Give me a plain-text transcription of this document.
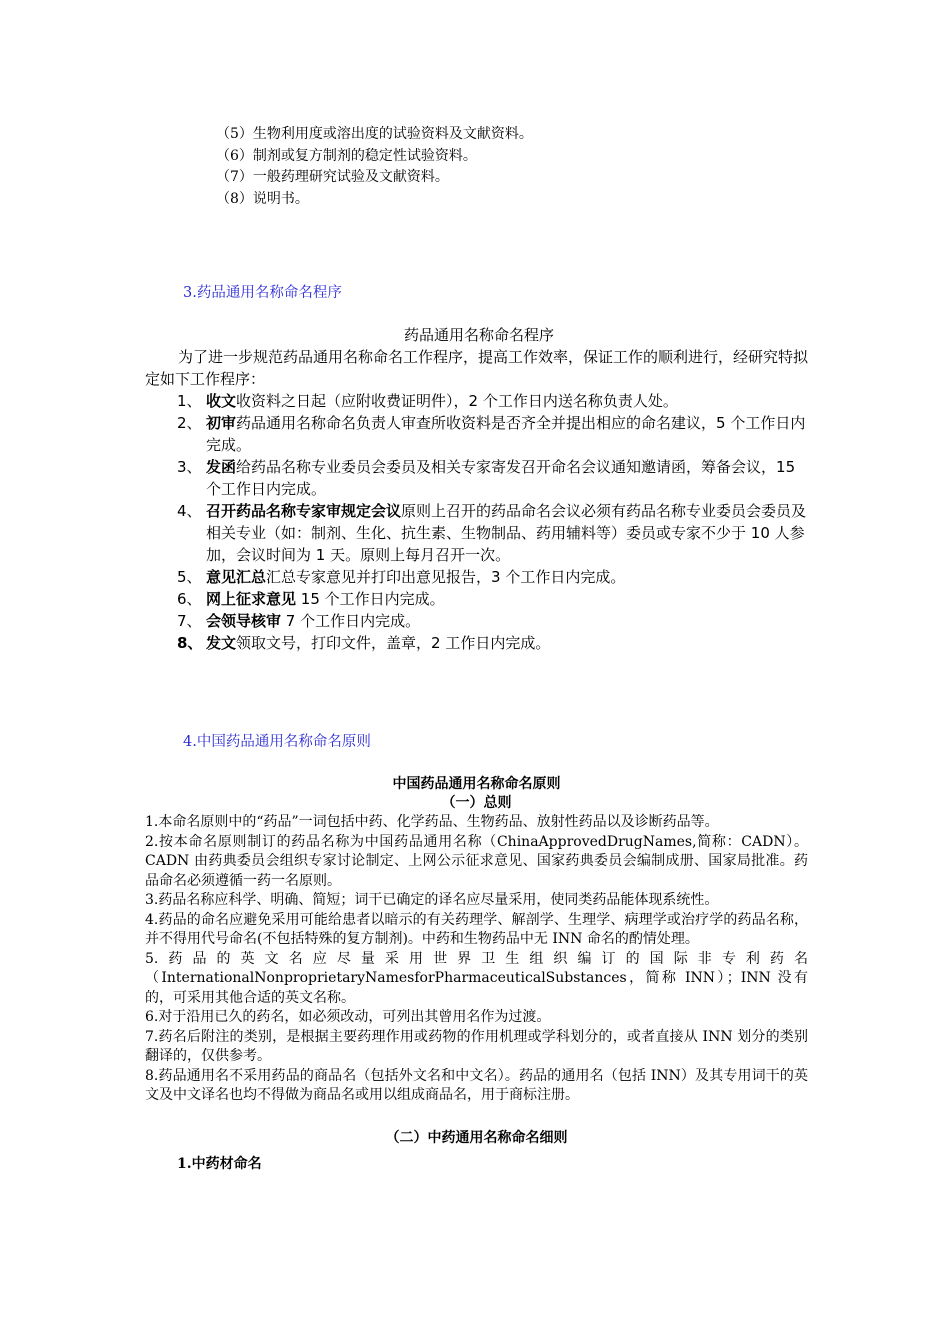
（5）生物利用度或溶出度的试验资料及文献资料。
（6）制剂或复方制剂的稳定性试验资料。
（7）一般药理研究试验及文献资料。
（8）说明书。
3.药品通用名称命名程序
药品通用名称命名程序

为了进一步规范药品通用名称命名工作程序，提高工作效率，保证工作的顺利进行，经研究特拟定如下工作程序：

1、 收文收资料之日起（应附收费证明件），2 个工作日内送名称负责人处。
2、 初审药品通用名称命名负责人审查所收资料是否齐全并提出相应的命名建议，5 个工作日内完成。
3、 发函给药品名称专业委员会委员及相关专家寄发召开命名会议通知邀请函，筹备会议，15 个工作日内完成。
4、 召开药品名称专家审规定会议原则上召开的药品命名会议必须有药品名称专业委员会委员及相关专业（如：制剂、生化、抗生素、生物制品、药用辅料等）委员或专家不少于 10 人参加，会议时间为 1 天。原则上每月召开一次。
5、 意见汇总汇总专家意见并打印出意见报告，3 个工作日内完成。
6、 网上征求意见 15 个工作日内完成。
7、 会领导核审 7 个工作日内完成。
8、 发文领取文号，打印文件，盖章，2 工作日内完成。
4.中国药品通用名称命名原则
中国药品通用名称命名原则
（一）总则

1.本命名原则中的“药品”一词包括中药、化学药品、生物药品、放射性药品以及诊断药品等。

2.按本命名原则制订的药品名称为中国药品通用名称（ChinaApprovedDrugNames,简称：CADN）。CADN 由药典委员会组织专家讨论制定、上网公示征求意见、国家药典委员会编制成册、国家局批准。药品命名必须遵循一药一名原则。

3.药品名称应科学、明确、简短；词干已确定的译名应尽量采用，使同类药品能体现系统性。

4.药品的命名应避免采用可能给患者以暗示的有关药理学、解剖学、生理学、病理学或治疗学的药品名称，并不得用代号命名(不包括特殊的复方制剂)。中药和生物药品中无 INN 命名的酌情处理。

5.药品的英文名应尽量采用世界卫生组织编订的国际非专利药名（InternationalNonproprietaryNamesforPharmaceuticalSubstances，简称 INN）；INN 没有的，可采用其他合适的英文名称。

6.对于沿用已久的药名，如必须改动，可列出其曾用名作为过渡。

7.药名后附注的类别，是根据主要药理作用或药物的作用机理或学科划分的，或者直接从 INN 划分的类别翻译的，仅供参考。

8.药品通用名不采用药品的商品名（包括外文名和中文名）。药品的通用名（包括 INN）及其专用词干的英文及中文译名也均不得做为商品名或用以组成商品名，用于商标注册。

（二）中药通用名称命名细则
1.中药材命名
